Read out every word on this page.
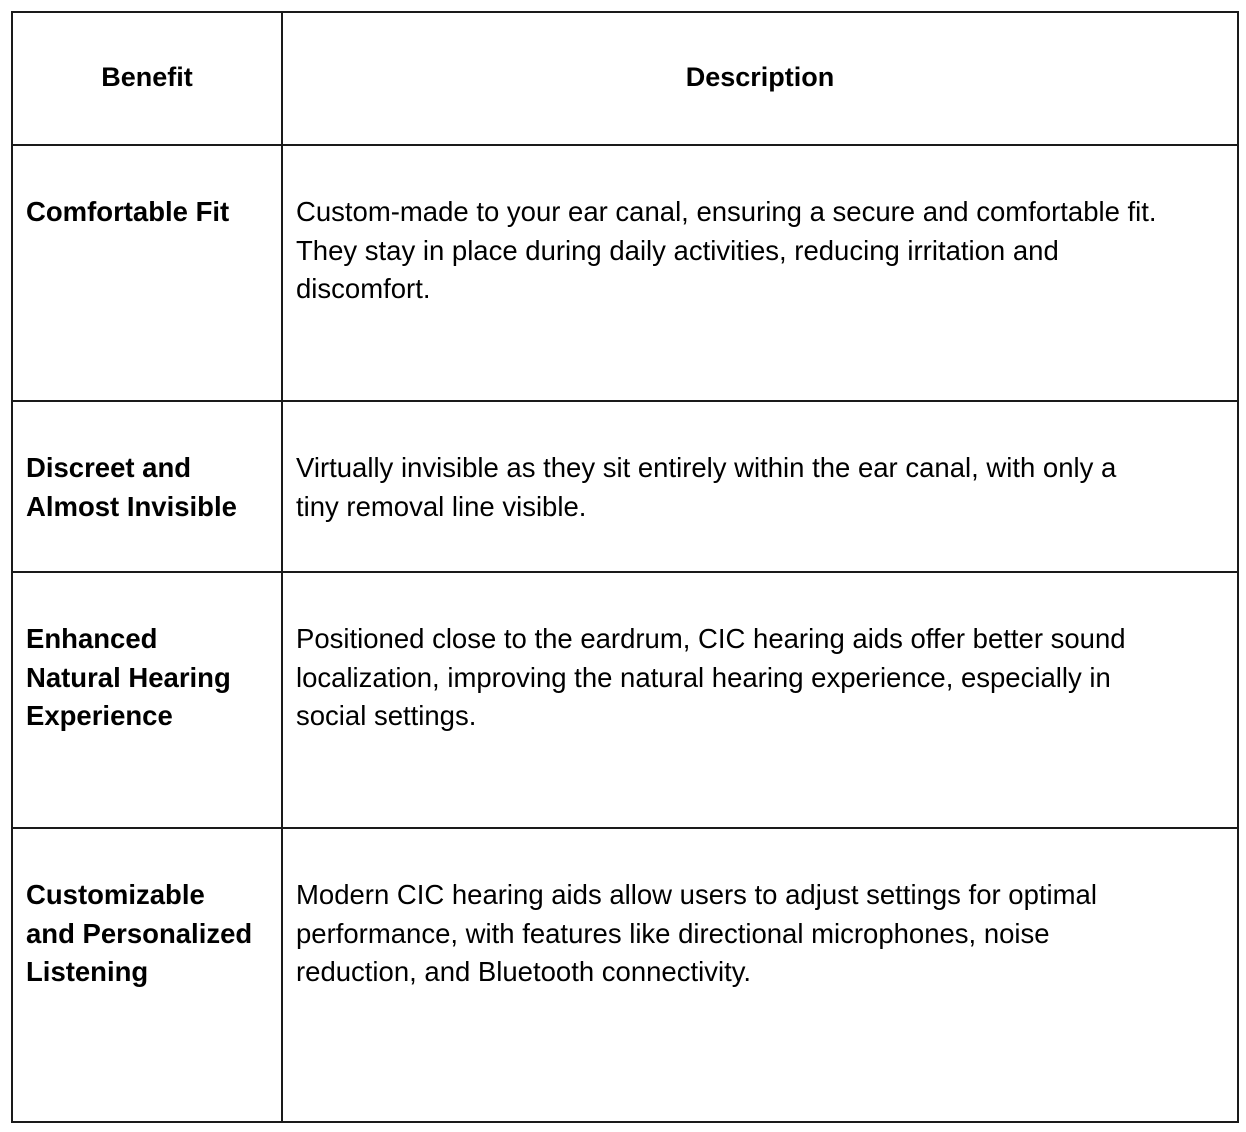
Benefit	Description

Comfortable Fit	Custom-made to your ear canal, ensuring a secure and comfortable fit.
They stay in place during daily activities, reducing irritation and
discomfort.

Discreet and
Almost Invisible	Virtually invisible as they sit entirely within the ear canal, with only a
tiny removal line visible.

Enhanced
Natural Hearing
Experience	Positioned close to the eardrum, CIC hearing aids offer better sound
localization, improving the natural hearing experience, especially in
social settings.

Customizable
and Personalized
Listening	Modern CIC hearing aids allow users to adjust settings for optimal
performance, with features like directional microphones, noise
reduction, and Bluetooth connectivity.
